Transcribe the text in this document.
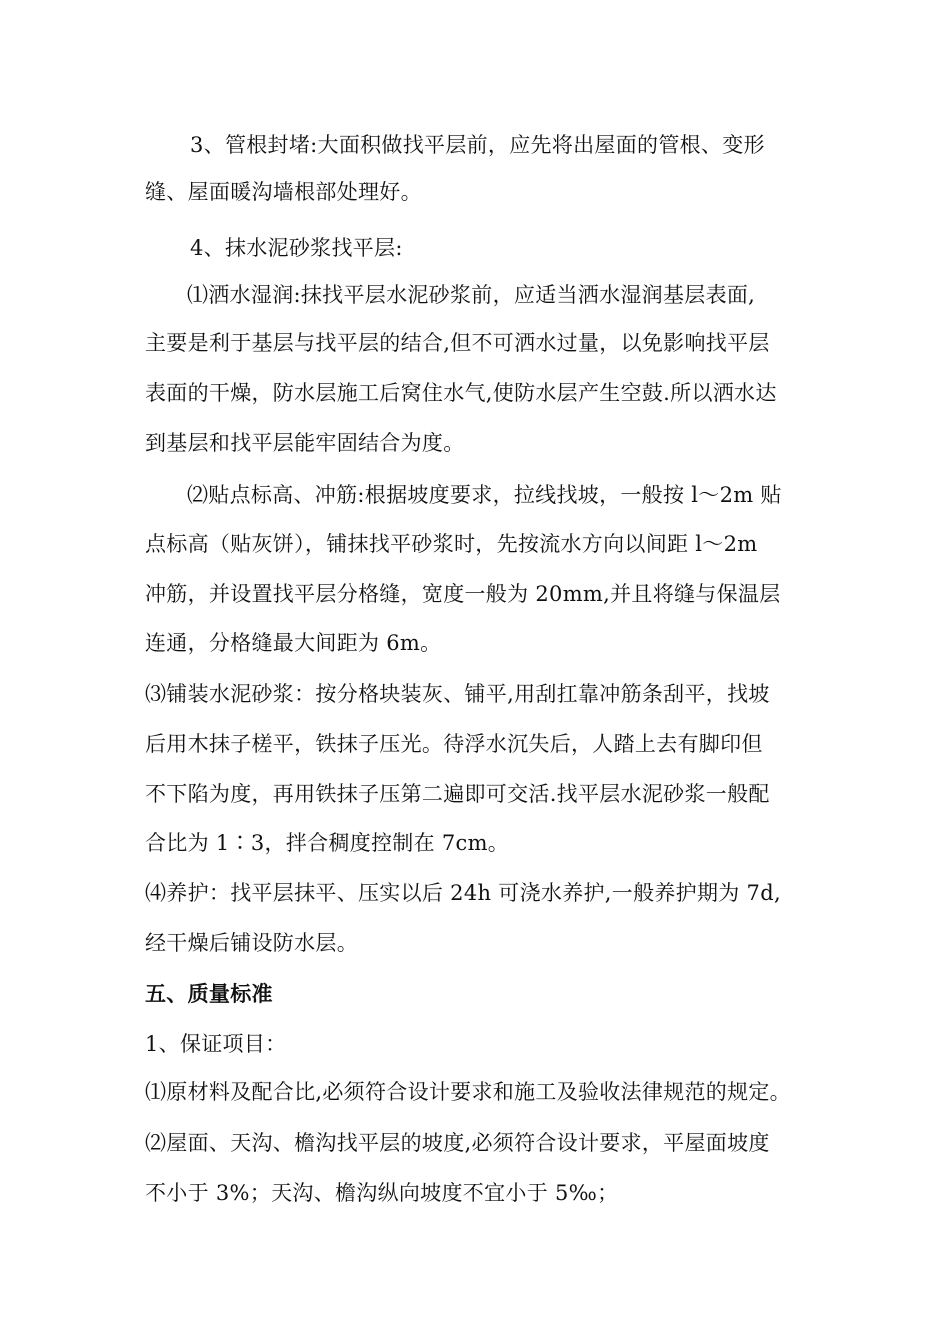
3、管根封堵:大面积做找平层前，应先将出屋面的管根、变形
缝、屋面暖沟墙根部处理好。
4、抹水泥砂浆找平层:
⑴洒水湿润:抹找平层水泥砂浆前，应适当洒水湿润基层表面,
主要是利于基层与找平层的结合,但不可洒水过量，以免影响找平层
表面的干燥，防水层施工后窝住水气,使防水层产生空鼓.所以洒水达
到基层和找平层能牢固结合为度。
⑵贴点标高、冲筋:根据坡度要求，拉线找坡，一般按 l～2m 贴
点标高（贴灰饼），铺抹找平砂浆时，先按流水方向以间距 l～2m
冲筋，并设置找平层分格缝，宽度一般为 20mm,并且将缝与保温层
连通，分格缝最大间距为 6m。
⑶铺装水泥砂浆：按分格块装灰、铺平,用刮扛靠冲筋条刮平，找坡
后用木抹子槎平，铁抹子压光。待浮水沉失后，人踏上去有脚印但
不下陷为度，再用铁抹子压第二遍即可交活.找平层水泥砂浆一般配
合比为 1∶3，拌合稠度控制在 7cm。
⑷养护：找平层抹平、压实以后 24h 可浇水养护,一般养护期为 7d,
经干燥后铺设防水层。
五、质量标准
1、保证项目：
⑴原材料及配合比,必须符合设计要求和施工及验收法律规范的规定。
⑵屋面、天沟、檐沟找平层的坡度,必须符合设计要求，平屋面坡度
不小于 3%；天沟、檐沟纵向坡度不宜小于 5‰；
